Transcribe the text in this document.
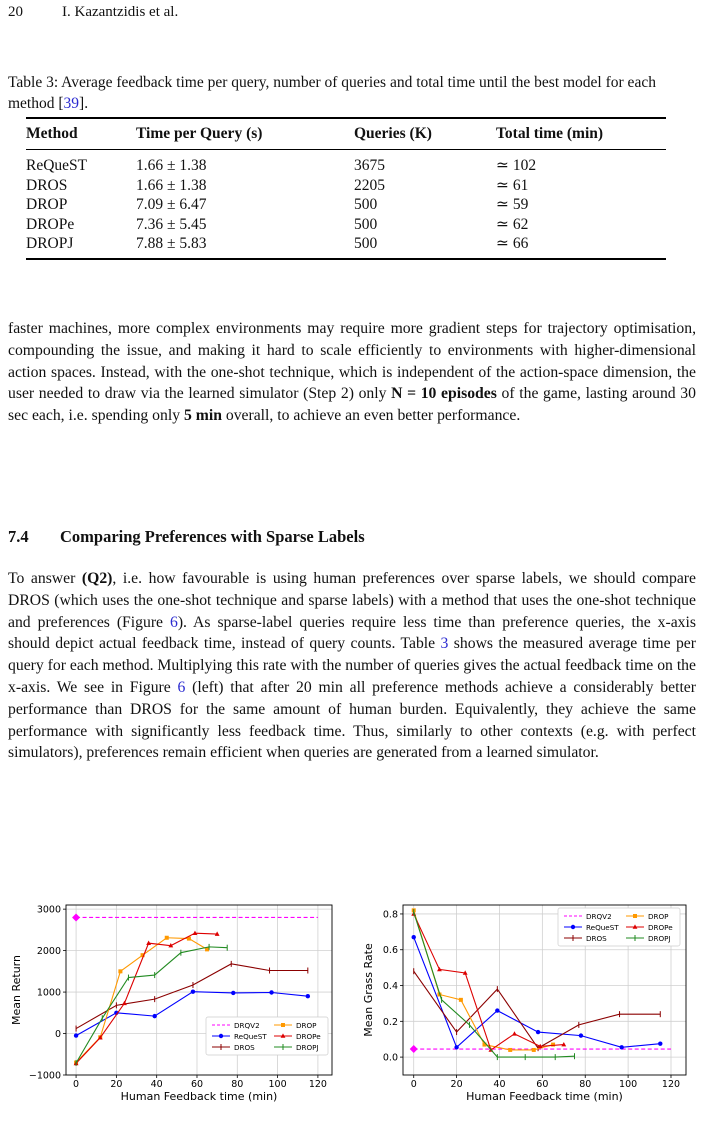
20	I. Kazantzidis et al.
Table 3: Average feedback time per query, number of queries and total time until the best model for each method [39].
Method	Time per Query (s)	Queries (K)	Total time (min)
ReQueST	1.66 ± 1.38	3675	≃ 102
DROS	1.66 ± 1.38	2205	≃ 61
DROP	7.09 ± 6.47	500	≃ 59
DROPe	7.36 ± 5.45	500	≃ 62
DROPJ	7.88 ± 5.83	500	≃ 66

faster machines, more complex environments may require more gradient steps for trajectory optimisation, compounding the issue, and making it hard to scale efficiently to environments with higher-dimensional action spaces. Instead, with the one-shot technique, which is independent of the action-space dimension, the user needed to draw via the learned simulator (Step 2) only N = 10 episodes of the game, lasting around 30 sec each, i.e. spending only 5 min overall, to achieve an even better performance.

7.4 Comparing Preferences with Sparse Labels

To answer (Q2), i.e. how favourable is using human preferences over sparse labels, we should compare DROS (which uses the one-shot technique and sparse labels) with a method that uses the one-shot technique and preferences (Figure 6). As sparse-label queries require less time than preference queries, the x-axis should depict actual feedback time, instead of query counts. Table 3 shows the measured average time per query for each method. Multiplying this rate with the number of queries gives the actual feedback time on the x-axis. We see in Figure 6 (left) that after 20 min all preference methods achieve a considerably better performance than DROS for the same amount of human burden. Equivalently, they achieve the same performance with significantly less feedback time. Thus, similarly to other contexts (e.g. with perfect simulators), preferences remain efficient when queries are generated from a learned simulator.

0	20	40	60	80	100 120
−1000
0
1000
2000
3000
Human Feedback time (min)
Mean Return
DRQV2
ReQueST
DROS
DROP
DROPe
DROPJ
0	20	40	60	80	100	120
0.0
0.2
0.4
0.6
0.8
Human Feedback time (min)
Mean Grass Rate
DRQV2
ReQueST
DROS
DROP
DROPe
DROPJ
